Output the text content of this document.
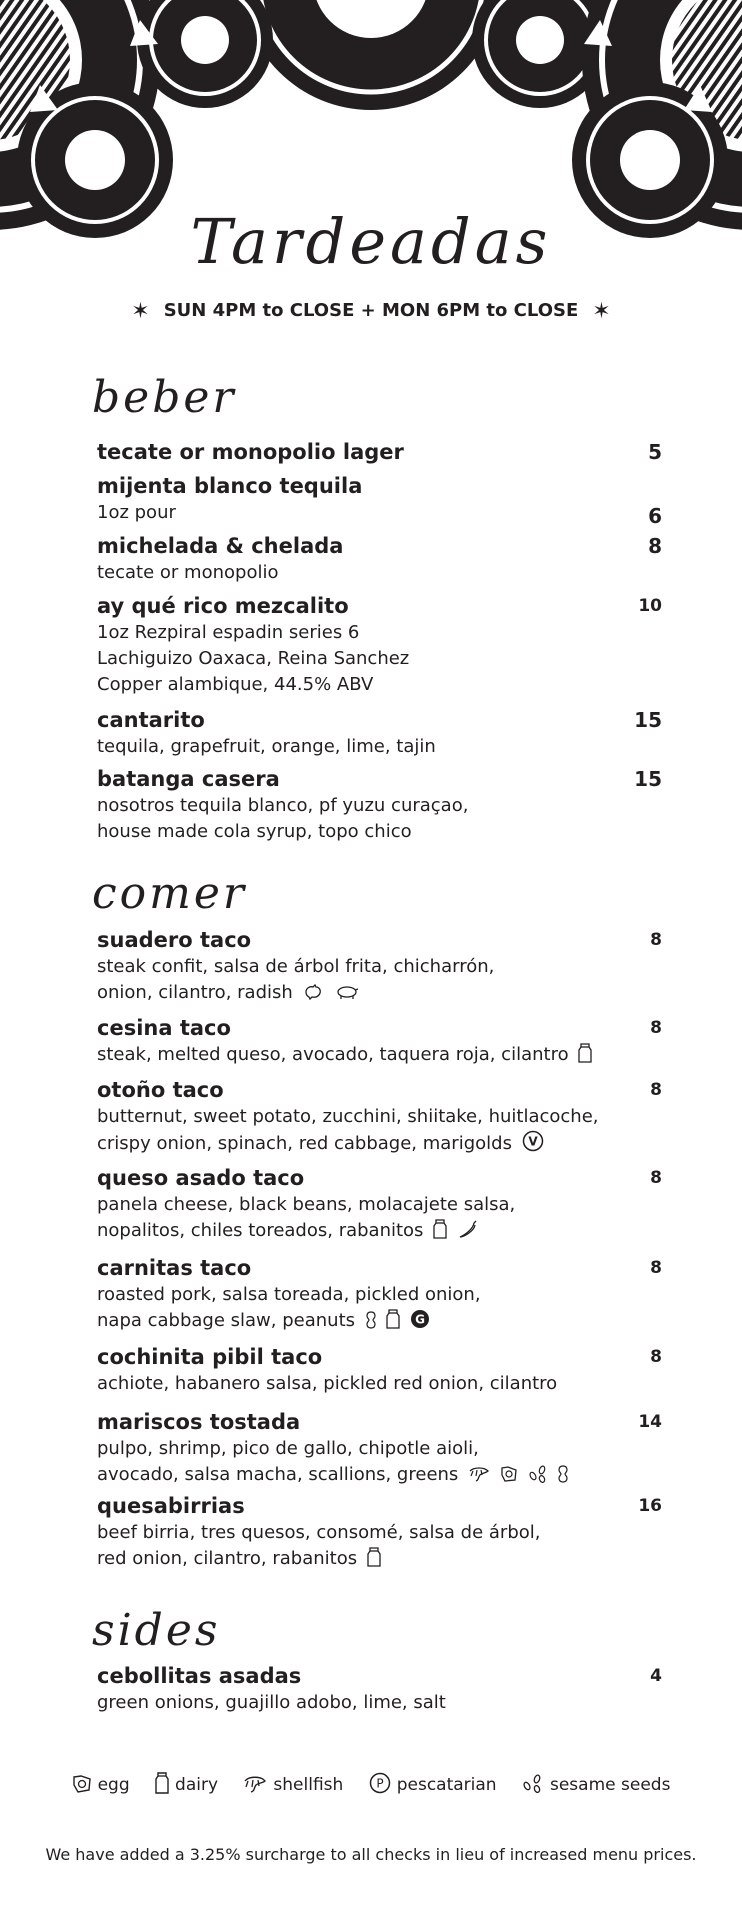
Tardeadas
✶ SUN 4PM to CLOSE + MON 6PM to CLOSE ✶
beber
tecate or monopolio lager	5
mijenta blanco tequila
1oz pour	6
michelada & chelada
tecate or monopolio
8
ay qué rico mezcalito
1oz Rezpiral espadin series 6
Lachiguizo Oaxaca, Reina Sanchez
Copper alambique, 44.5% ABV
10
cantarito
tequila, grapefruit, orange, lime, tajin
15
batanga casera
nosotros tequila blanco, pf yuzu curaçao,
house made cola syrup, topo chico
15
comer
suadero taco
steak confit, salsa de árbol frita, chicharrón,
onion, cilantro, radish
8
cesina taco
steak, melted queso, avocado, taquera roja, cilantro
8
otoño taco
butternut, sweet potato, zucchini, shiitake, huitlacoche,
crispy onion, spinach, red cabbage, marigolds V
8
queso asado taco
panela cheese, black beans, molacajete salsa,
nopalitos, chiles toreados, rabanitos
8
carnitas taco
roasted pork, salsa toreada, pickled onion,
napa cabbage slaw, peanuts	G
8
cochinita pibil taco
achiote, habanero salsa, pickled red onion, cilantro
8
mariscos tostada
pulpo, shrimp, pico de gallo, chipotle aioli,
avocado, salsa macha, scallions, greens
14
quesabirrias
beef birria, tres quesos, consomé, salsa de árbol,
red onion, cilantro, rabanitos
16
sides
cebollitas asadas
green onions, guajillo adobo, lime, salt
4
egg	dairy	shellfish	P pescatarian	sesame seeds
We have added a 3.25% surcharge to all checks in lieu of increased menu prices.
